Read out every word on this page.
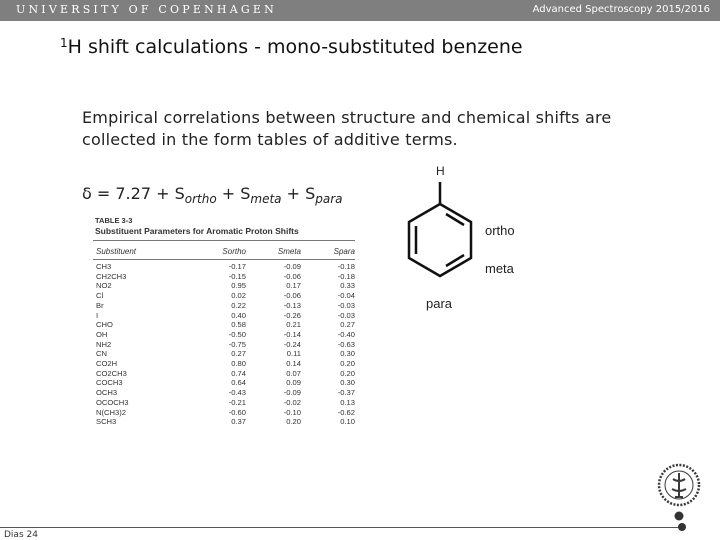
UNIVERSITY OF COPENHAGEN	Advanced Spectroscopy 2015/2016
$^1$H shift calculations - mono-substituted benzene
Empirical correlations between structure and chemical shifts are collected in the form tables of additive terms.
$\delta = 7.27 + S_{ortho} + S_{meta} + S_{para}$
TABLE 3-3
Substituent Parameters for Aromatic Proton Shifts
Substituent	Sortho	Smeta	Spara
CH3	-0.17	-0.09	-0.18
CH2CH3	-0.15	-0.06	-0.18
NO2	0.95	0.17	0.33
Cl	0.02	-0.06	-0.04
Br	0.22	-0.13	-0.03
I	0.40	-0.26	-0.03
CHO	0.58	0.21	0.27
OH	-0.50	-0.14	-0.40
NH2	-0.75	-0.24	-0.63
CN	0.27	0.11	0.30
CO2H	0.80	0.14	0.20
CO2CH3	0.74	0.07	0.20
COCH3	0.64	0.09	0.30
OCH3	-0.43	-0.09	-0.37
OCOCH3	-0.21	-0.02	0.13
N(CH3)2	-0.60	-0.10	-0.62
SCH3	0.37	0.20	0.10
H
ortho
meta
para
Dias 24
